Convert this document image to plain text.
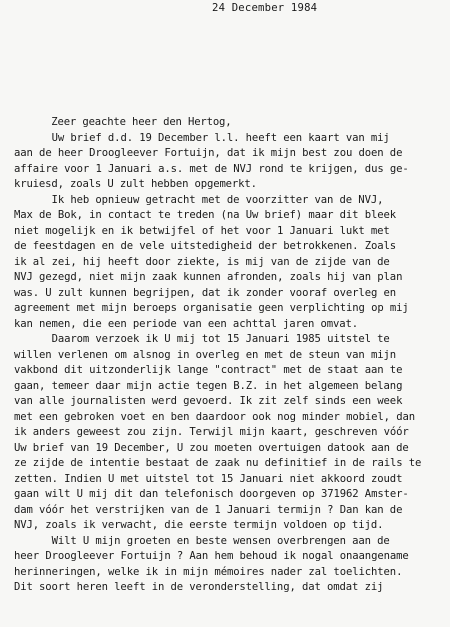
24 December 1984
Zeer geachte heer den Hertog,
Uw brief d.d. 19 December l.l. heeft een kaart van mij
aan de heer Droogleever Fortuijn, dat ik mijn best zou doen de
affaire voor 1 Januari a.s. met de NVJ rond te krijgen, dus ge-
kruiesd, zoals U zult hebben opgemerkt.
Ik heb opnieuw getracht met de voorzitter van de NVJ,
Max de Bok, in contact te treden (na Uw brief) maar dit bleek
niet mogelijk en ik betwijfel of het voor 1 Januari lukt met
de feestdagen en de vele uitstedigheid der betrokkenen. Zoals
ik al zei, hij heeft door ziekte, is mij van de zijde van de
NVJ gezegd, niet mijn zaak kunnen afronden, zoals hij van plan
was. U zult kunnen begrijpen, dat ik zonder vooraf overleg en
agreement met mijn beroeps organisatie geen verplichting op mij
kan nemen, die een periode van een achttal jaren omvat.
Daarom verzoek ik U mij tot 15 Januari 1985 uitstel te
willen verlenen om alsnog in overleg en met de steun van mijn
vakbond dit uitzonderlijk lange "contract" met de staat aan te
gaan, temeer daar mijn actie tegen B.Z. in het algemeen belang
van alle journalisten werd gevoerd. Ik zit zelf sinds een week
met een gebroken voet en ben daardoor ook nog minder mobiel, dan
ik anders geweest zou zijn. Terwijl mijn kaart, geschreven vóór
Uw brief van 19 December, U zou moeten overtuigen datook aan de
ze zijde de intentie bestaat de zaak nu definitief in de rails te
zetten. Indien U met uitstel tot 15 Januari niet akkoord zoudt
gaan wilt U mij dit dan telefonisch doorgeven op 371962 Amster-
dam vóór het verstrijken van de 1 Januari termijn ? Dan kan de
NVJ, zoals ik verwacht, die eerste termijn voldoen op tijd.
Wilt U mijn groeten en beste wensen overbrengen aan de
heer Droogleever Fortuijn ? Aan hem behoud ik nogal onaangename
herinneringen, welke ik in mijn mémoires nader zal toelichten.
Dit soort heren leeft in de veronderstelling, dat omdat zij
